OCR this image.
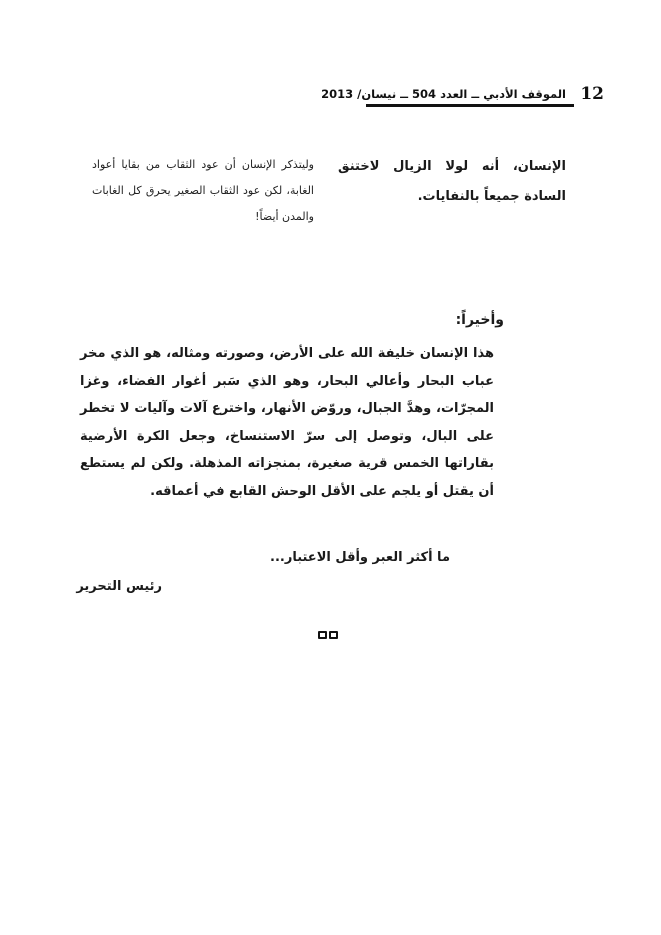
12
الموقف الأدبي ــ العدد 504 ــ نيسان/ 2013
الإنسان، أنه لولا الزيال لاختنق السادة جميعاً بالنفايات.
وليتذكر الإنسان أن عود الثقاب من بقايا أعواد الغابة، لكن عود الثقاب الصغير يحرق كل الغابات والمدن أيضاً!
وأخيراً:
هذا الإنسان خليفة الله على الأرض، وصورته ومثاله، هو الذي مخر عباب البحار وأعالي البحار، وهو الذي سَبر أغوار الفضاء، وغزا المجرّات، وهدَّ الجبال، وروّض الأنهار، واخترع آلات وآليات لا تخطر على البال، وتوصل إلى سرّ الاستنساخ، وجعل الكرة الأرضية بقاراتها الخمس قرية صغيرة، بمنجزاته المذهلة. ولكن لم يستطع أن يقتل أو يلجم على الأقل الوحش القابع في أعماقه.
ما أكثر العبر وأقل الاعتبار...
رئيس التحرير
